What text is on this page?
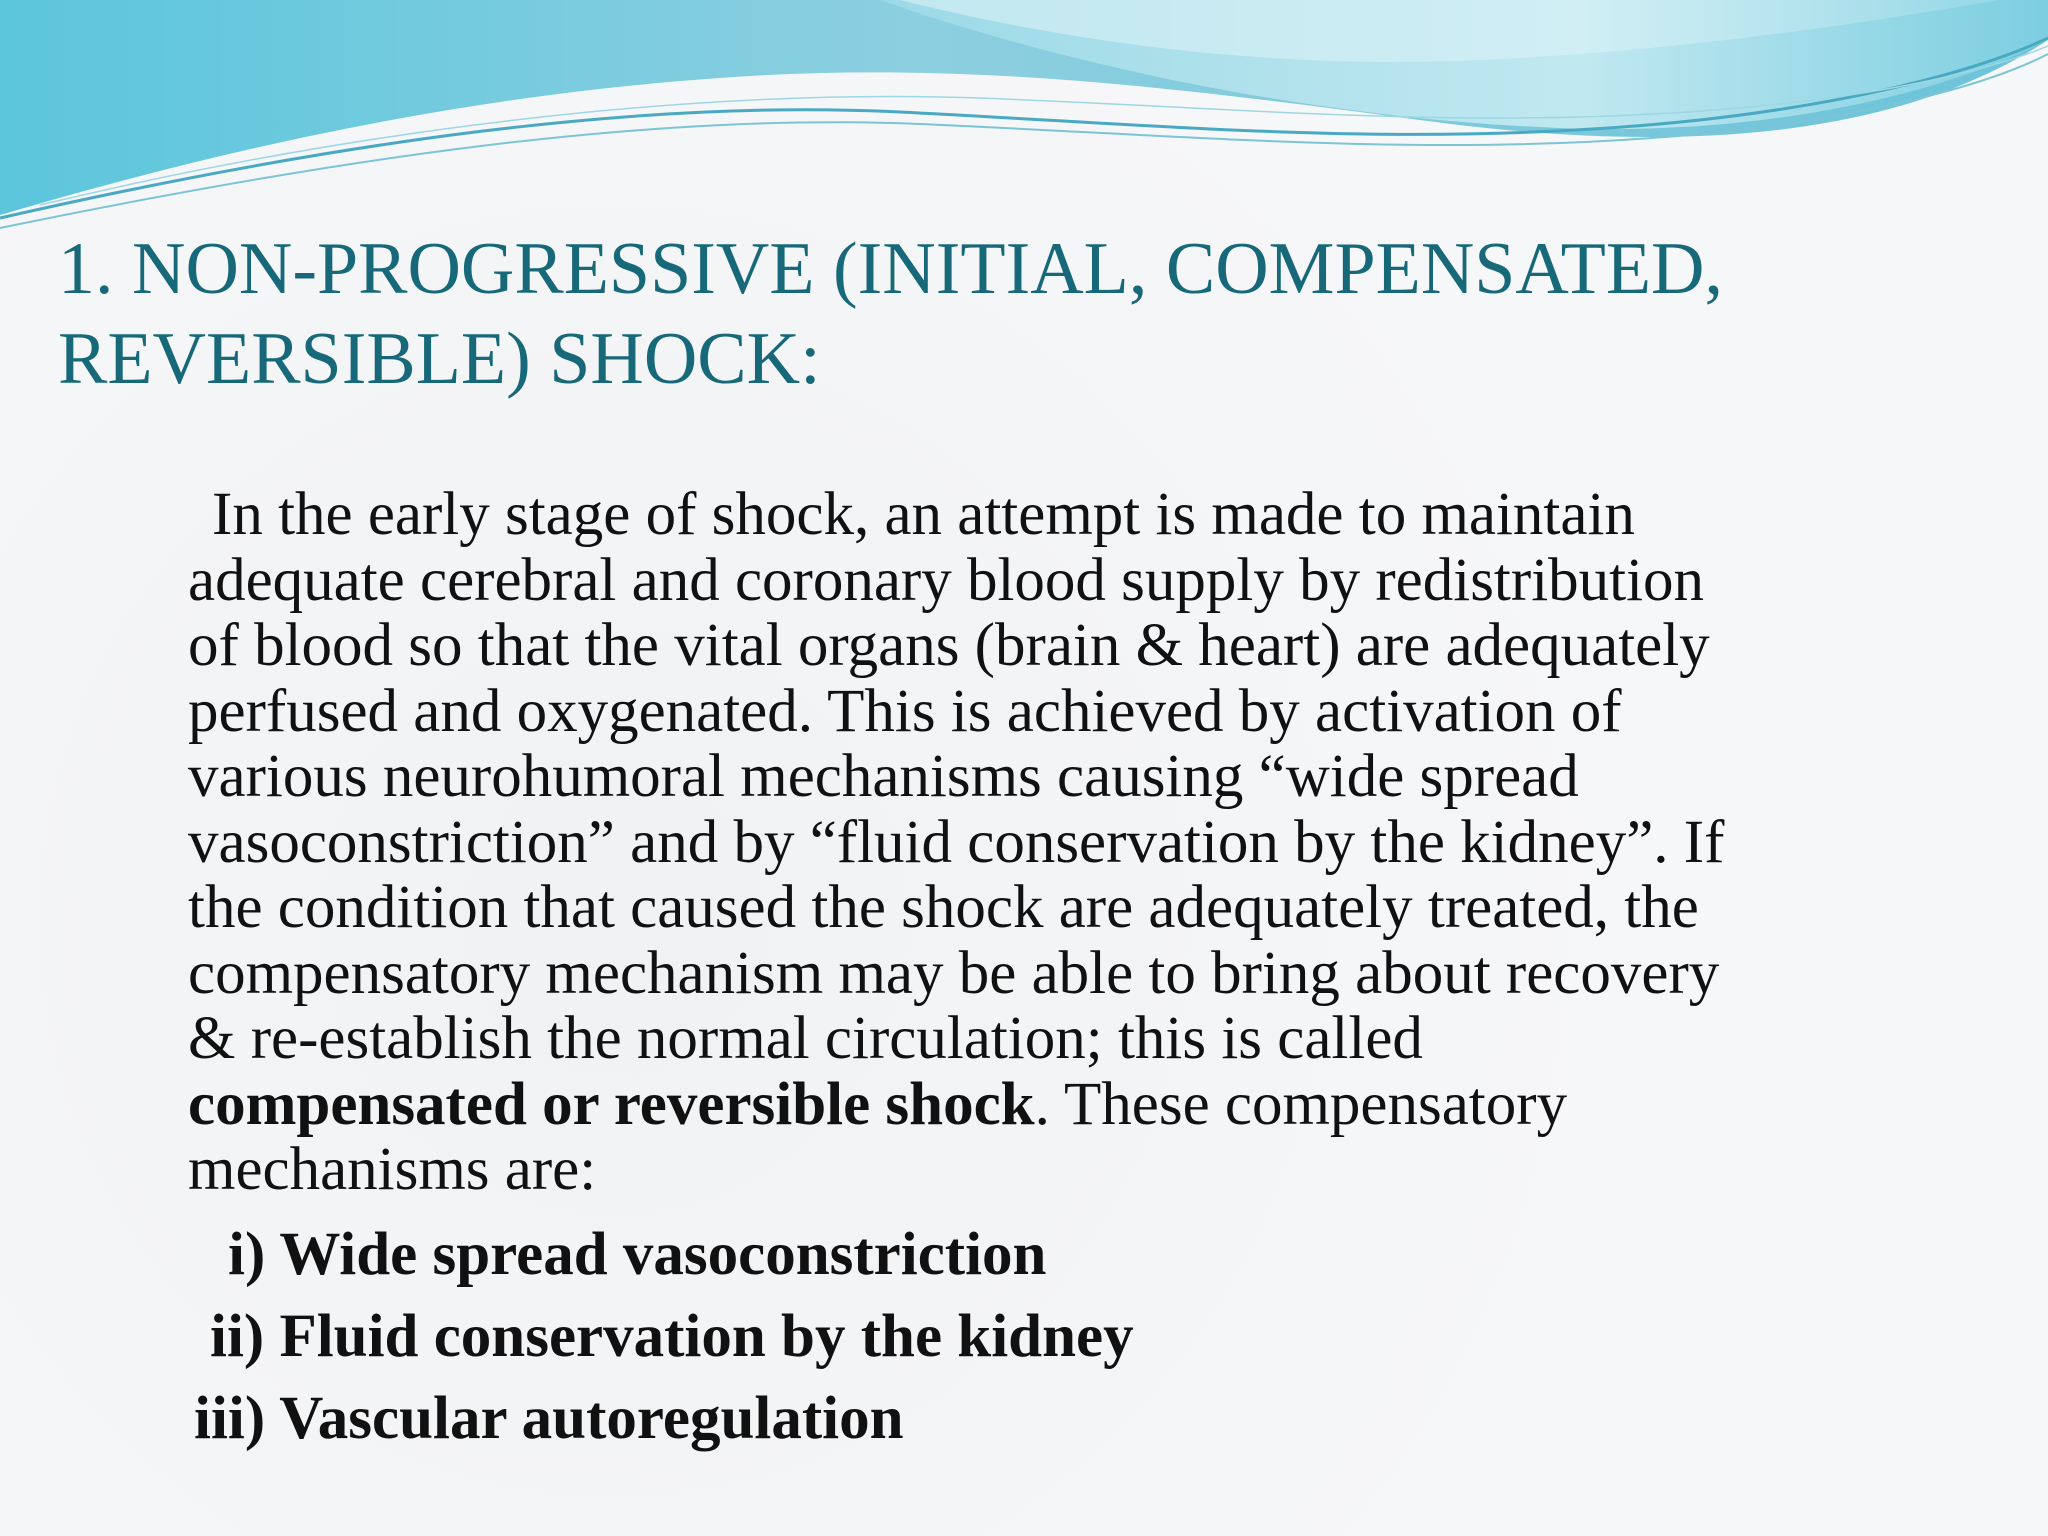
1. NON-PROGRESSIVE (INITIAL, COMPENSATED,
REVERSIBLE) SHOCK:
In the early stage of shock, an attempt is made to maintain
adequate cerebral and coronary blood supply by redistribution
of blood so that the vital organs (brain & heart) are adequately
perfused and oxygenated. This is achieved by activation of
various neurohumoral mechanisms causing “wide spread
vasoconstriction” and by “fluid conservation by the kidney”. If
the condition that caused the shock are adequately treated, the
compensatory mechanism may be able to bring about recovery
& re-establish the normal circulation; this is called
compensated or reversible shock. These compensatory
mechanisms are:
i) Wide spread vasoconstriction
ii) Fluid conservation by the kidney
iii) Vascular autoregulation
